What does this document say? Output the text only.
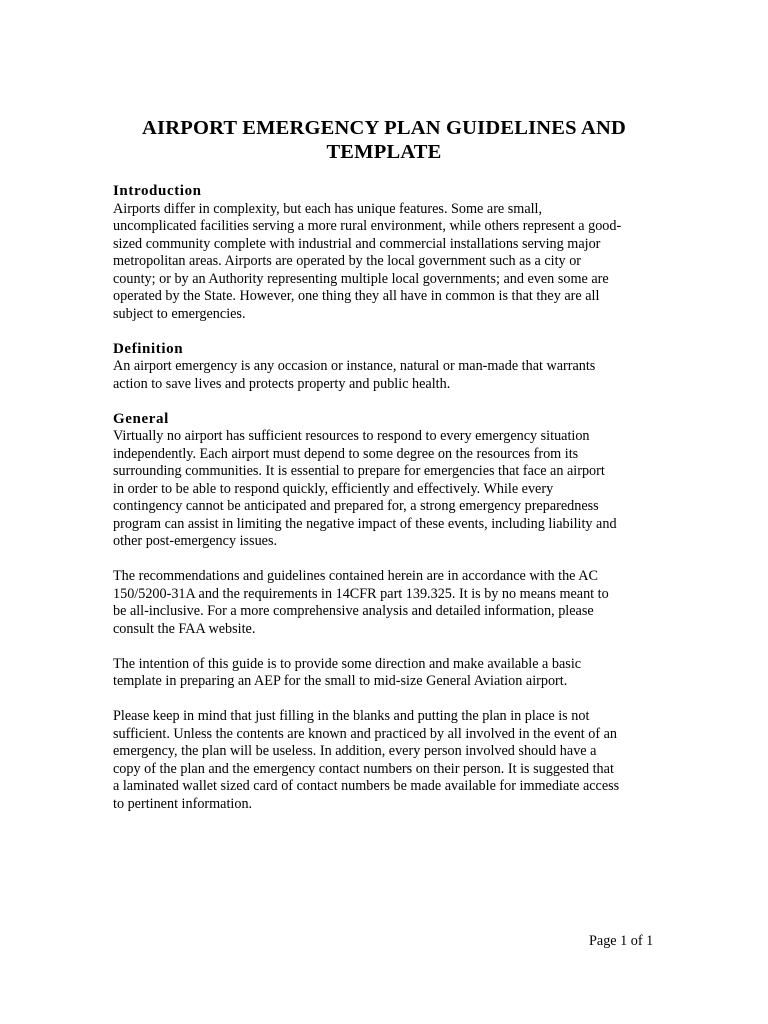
AIRPORT EMERGENCY PLAN GUIDELINES AND
TEMPLATE

Introduction

Airports differ in complexity, but each has unique features. Some are small,
uncomplicated facilities serving a more rural environment, while others represent a good-
sized community complete with industrial and commercial installations serving major
metropolitan areas. Airports are operated by the local government such as a city or
county; or by an Authority representing multiple local governments; and even some are
operated by the State. However, one thing they all have in common is that they are all
subject to emergencies.

Definition

An airport emergency is any occasion or instance, natural or man-made that warrants
action to save lives and protects property and public health.

General

Virtually no airport has sufficient resources to respond to every emergency situation
independently. Each airport must depend to some degree on the resources from its
surrounding communities. It is essential to prepare for emergencies that face an airport
in order to be able to respond quickly, efficiently and effectively. While every
contingency cannot be anticipated and prepared for, a strong emergency preparedness
program can assist in limiting the negative impact of these events, including liability and
other post-emergency issues.

The recommendations and guidelines contained herein are in accordance with the AC
150/5200-31A and the requirements in 14CFR part 139.325. It is by no means meant to
be all-inclusive. For a more comprehensive analysis and detailed information, please
consult the FAA website.

The intention of this guide is to provide some direction and make available a basic
template in preparing an AEP for the small to mid-size General Aviation airport.

Please keep in mind that just filling in the blanks and putting the plan in place is not
sufficient. Unless the contents are known and practiced by all involved in the event of an
emergency, the plan will be useless. In addition, every person involved should have a
copy of the plan and the emergency contact numbers on their person. It is suggested that
a laminated wallet sized card of contact numbers be made available for immediate access
to pertinent information.

Page 1 of 1
